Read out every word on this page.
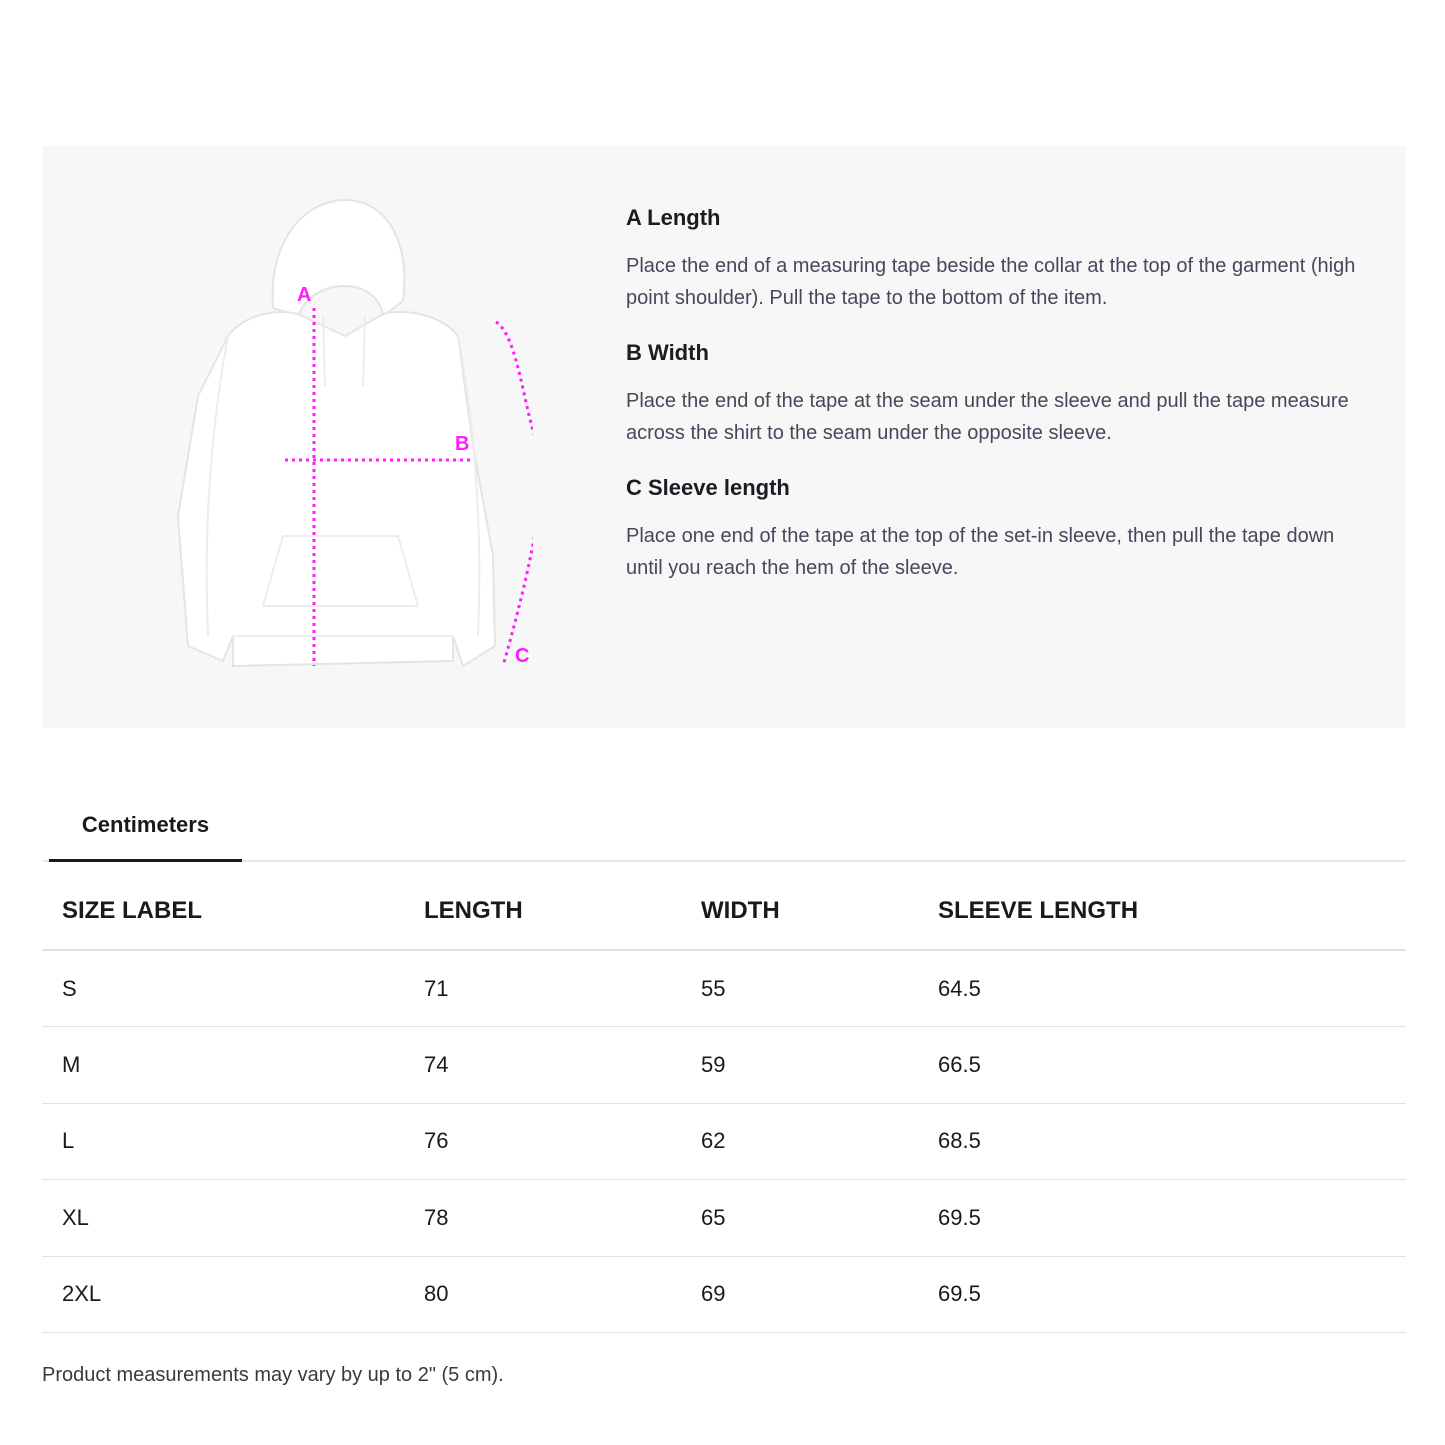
A
B
C
A Length
Place the end of a measuring tape beside the collar at the top of the garment (high point shoulder). Pull the tape to the bottom of the item.
B Width
Place the end of the tape at the seam under the sleeve and pull the tape measure across the shirt to the seam under the opposite sleeve.
C Sleeve length
Place one end of the tape at the top of the set-in sleeve, then pull the tape down until you reach the hem of the sleeve.
Centimeters
SIZE LABEL	LENGTH	WIDTH	SLEEVE LENGTH
S	71	55	64.5
M	74	59	66.5
L	76	62	68.5
XL	78	65	69.5
2XL	80	69	69.5
Product measurements may vary by up to 2" (5 cm).
